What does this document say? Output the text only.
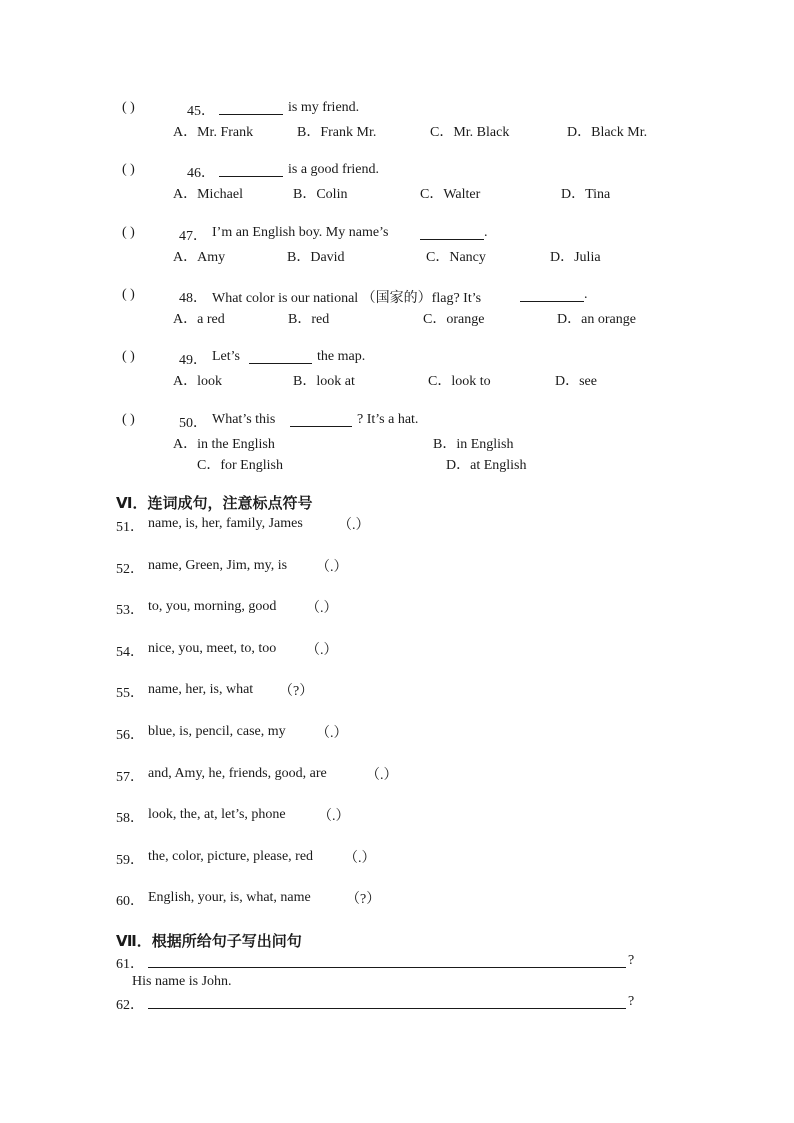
( )	45．	is my friend.
A．Mr. Frank	B．Frank Mr.	C．Mr. Black	D．Black Mr.
( )	46．	is a good friend.
A．Michael	B．Colin	C．Walter	D．Tina
( )	47． I’m an English boy. My name’s	.
A．Amy	B．David	C．Nancy	D．Julia
( )	48． What color is our national （国家的）flag? It’s	.
A．a red	B．red	C．orange	D．an orange
( )	49． Let’s	the map.
A．look	B．look at	C．look to	D．see
( )	50． What’s this	? It’s a hat.
A．in the English	B．in English
C．for English	D．at English
Ⅵ．连词成句，注意标点符号
51． name, is, her, family, James	（.）
52． name, Green, Jim, my, is （.）
53． to, you, morning, good （.）
54． nice, you, meet, to, too （.）
55． name, her, is, what （?）
56． blue, is, pencil, case, my （.）
57． and, Amy, he, friends, good, are	（.）
58． look, the, at, let’s, phone （.）
59． the, color, picture, please, red （.）
60． English, your, is, what, name	（?）
Ⅶ．根据所给句子写出问句
61．	?
His name is John.
62．	?
